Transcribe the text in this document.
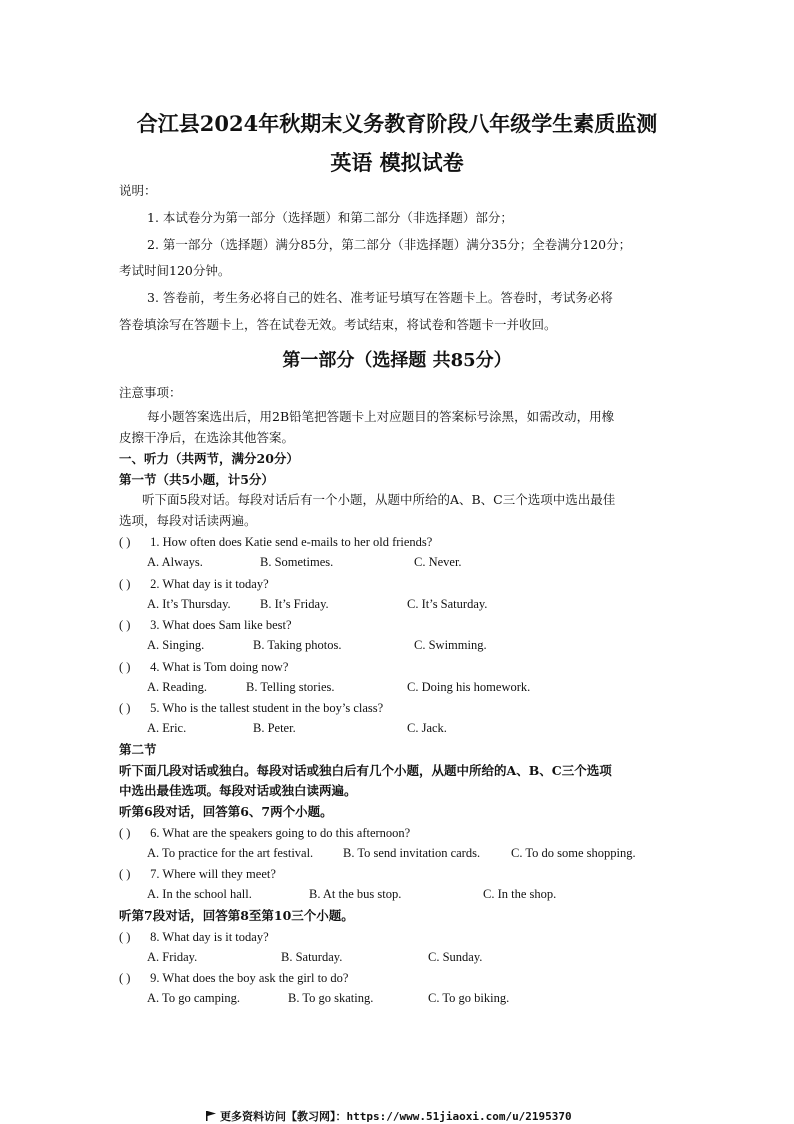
合江县2024年秋期末义务教育阶段八年级学生素质监测
英语 模拟试卷
说明：
1. 本试卷分为第一部分（选择题）和第二部分（非选择题）部分；
2. 第一部分（选择题）满分85分，第二部分（非选择题）满分35分；全卷满分120分；
考试时间120分钟。
3. 答卷前，考生务必将自己的姓名、准考证号填写在答题卡上。答卷时，考试务必将
答卷填涂写在答题卡上，答在试卷无效。考试结束，将试卷和答题卡一并收回。
第一部分（选择题 共85分）
注意事项：
每小题答案选出后，用2B铅笔把答题卡上对应题目的答案标号涂黑，如需改动，用橡
皮擦干净后，在选涂其他答案。
一、听力（共两节，满分20分）
第一节（共5小题，计5分）
听下面5段对话。每段对话后有一个小题，从题中所给的A、B、C三个选项中选出最佳
选项，每段对话读两遍。
( ) 1. How often does Katie send e-mails to her old friends?
A. Always.	B. Sometimes.	C. Never.
( ) 2. What day is it today?
A. It’s Thursday. B. It’s Friday.	C. It’s Saturday.
( ) 3. What does Sam like best?
A. Singing.	B. Taking photos.	C. Swimming.
( ) 4. What is Tom doing now?
A. Reading.	B. Telling stories.	C. Doing his homework.
( ) 5. Who is the tallest student in the boy’s class?
A. Eric.	B. Peter.	C. Jack.
第二节
听下面几段对话或独白。每段对话或独白后有几个小题，从题中所给的A、B、C三个选项
中选出最佳选项。每段对话或独白读两遍。
听第6段对话，回答第6、7两个小题。
( ) 6. What are the speakers going to do this afternoon?
A. To practice for the art festival. B. To send invitation cards. C. To do some shopping.
( ) 7. Where will they meet?
A. In the school hall.	B. At the bus stop.	C. In the shop.
听第7段对话，回答第8至第10三个小题。
( ) 8. What day is it today?
A. Friday.	B. Saturday.	C. Sunday.
( ) 9. What does the boy ask the girl to do?
A. To go camping.	B. To go skating.	C. To go biking.
更多资料访问【教习网】：https://www.51jiaoxi.com/u/2195370
